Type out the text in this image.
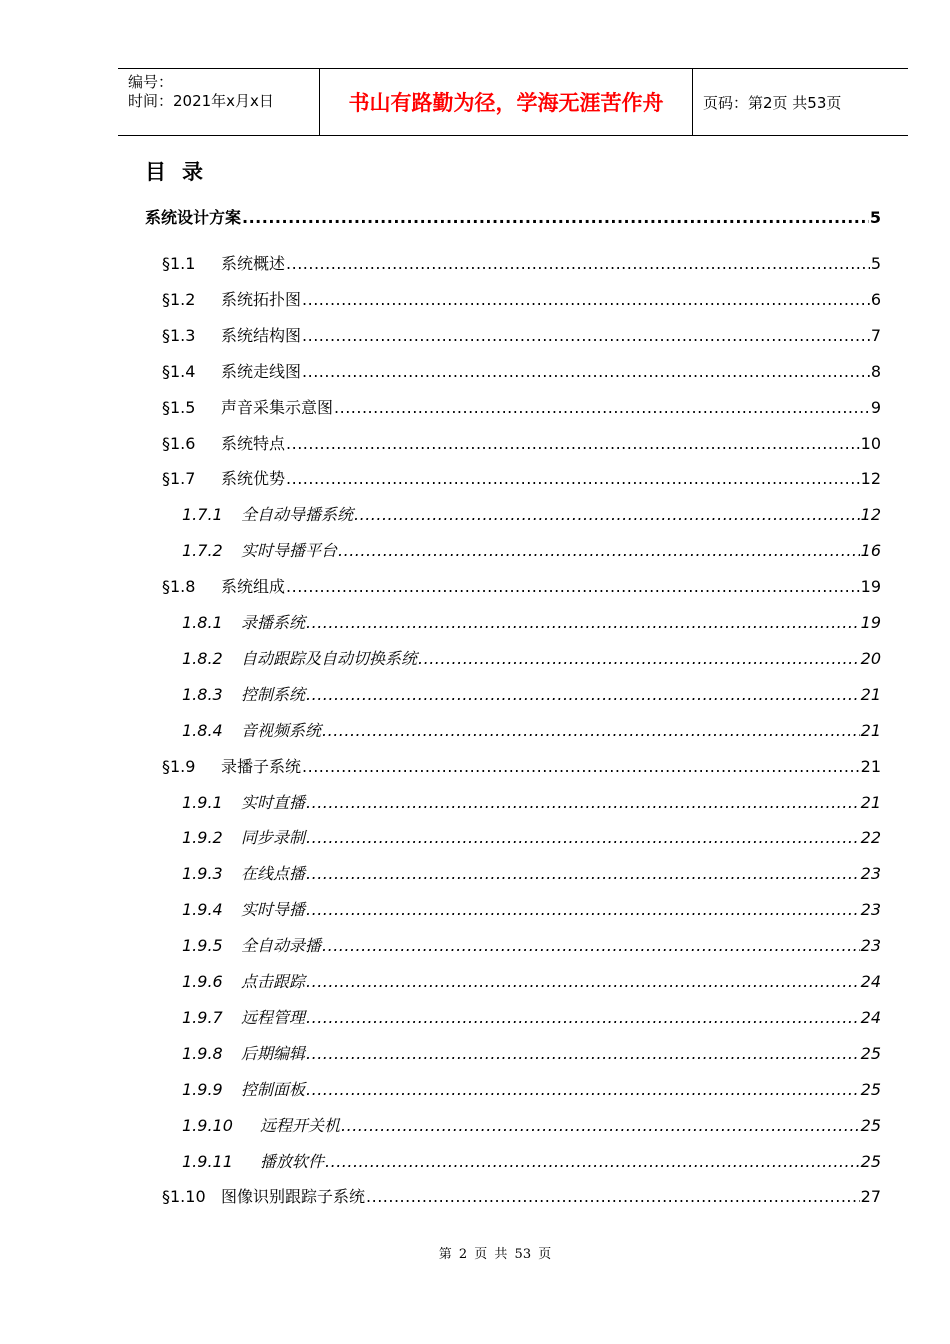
编号：
时间：2021年x月x日	书山有路勤为径，学海无涯苦作舟	页码：第2页 共53页
目录
系统设计方案 .....	5
§1.1	系统概述 .....	5
§1.2	系统拓扑图 .....	6
§1.3	系统结构图 .....	7
§1.4	系统走线图 .....	8
§1.5	声音采集示意图 .....	9
§1.6	系统特点 .....	10
§1.7	系统优势 .....	12
1.7.1	全自动导播系统 .....	12
1.7.2	实时导播平台 .....	16
§1.8	系统组成 .....	19
1.8.1	录播系统 .....	19
1.8.2	自动跟踪及自动切换系统 .....	20
1.8.3	控制系统 .....	21
1.8.4	音视频系统 .....	21
§1.9	录播子系统 .....	21
1.9.1	实时直播 .....	21
1.9.2	同步录制 .....	22
1.9.3	在线点播 .....	23
1.9.4	实时导播 .....	23
1.9.5	全自动录播 .....	23
1.9.6	点击跟踪 .....	24
1.9.7	远程管理 .....	24
1.9.8	后期编辑 .....	25
1.9.9	控制面板 .....	25
1.9.10	远程开关机 .....	25
1.9.11	播放软件 .....	25
§1.10 图像识别跟踪子系统 .....	27
第 2 页 共 53 页
